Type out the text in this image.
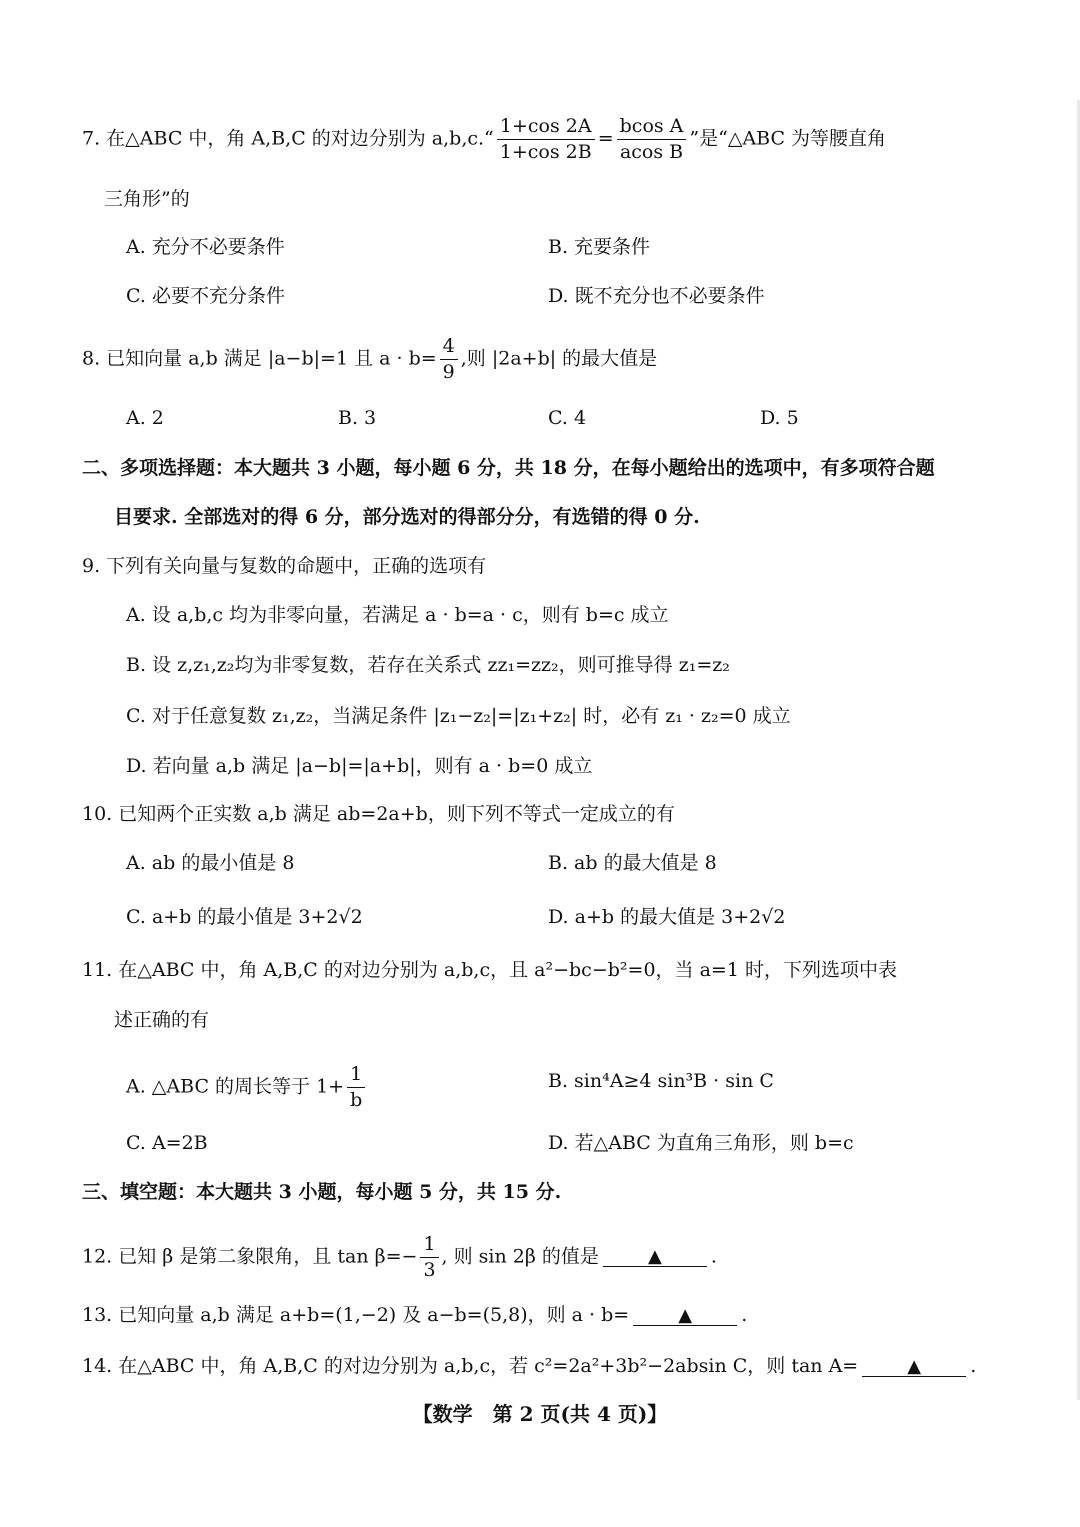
7. 在△ABC 中，角 A,B,C 的对边分别为 a,b,c.“ $\frac{1+\cos 2A}{1+\cos 2B} = \frac{\text{bcos A}}{\text{acos B}}$ ”是“△ABC 为等腰直角
三角形”的
A. 充分不必要条件	B. 充要条件
C. 必要不充分条件	D. 既不充分也不必要条件
8. 已知向量 a,b 满足 |a−b|=1 且 $a \cdot b= \frac{4}{9}$ ,则 |2a+b| 的最大值是
A. 2	B. 3	C. 4	D. 5
二、多项选择题：本大题共 3 小题，每小题 6 分，共 18 分，在每小题给出的选项中，有多项符合题
目要求. 全部选对的得 6 分，部分选对的得部分分，有选错的得 0 分.
9. 下列有关向量与复数的命题中，正确的选项有
A. 设 a,b,c 均为非零向量，若满足 a · b=a · c，则有 b=c 成立
B. 设 z,z₁,z₂均为非零复数，若存在关系式 zz₁=zz₂，则可推导得 z₁=z₂
C. 对于任意复数 z₁,z₂，当满足条件 |z₁−z₂|=|z₁+z₂| 时，必有 z₁ · z₂=0 成立
D. 若向量 a,b 满足 |a−b|=|a+b|，则有 a · b=0 成立
10. 已知两个正实数 a,b 满足 ab=2a+b，则下列不等式一定成立的有
A. ab 的最小值是 8	B. ab 的最大值是 8
C. a+b 的最小值是 3+2√2	D. a+b 的最大值是 3+2√2
11. 在△ABC 中，角 A,B,C 的对边分别为 a,b,c，且 a²−bc−b²=0，当 a=1 时，下列选项中表
述正确的有
A. △ABC 的周长等于 $1+ \frac{1}{b}$	B. sin⁴A≥4 sin³B · sin C
C. A=2B	D. 若△ABC 为直角三角形，则 b=c
三、填空题：本大题共 3 小题，每小题 5 分，共 15 分.
12. 已知 β 是第二象限角，且 $\tan \beta=- \frac{1}{3}$ , 则 sin 2β 的值是	▲	.
13. 已知向量 a,b 满足 a+b=(1,−2) 及 a−b=(5,8)，则 a · b=	▲	.
14. 在△ABC 中，角 A,B,C 的对边分别为 a,b,c，若 c²=2a²+3b²−2absin C，则 tan A=	▲	.
【数学　第 2 页(共 4 页)】
